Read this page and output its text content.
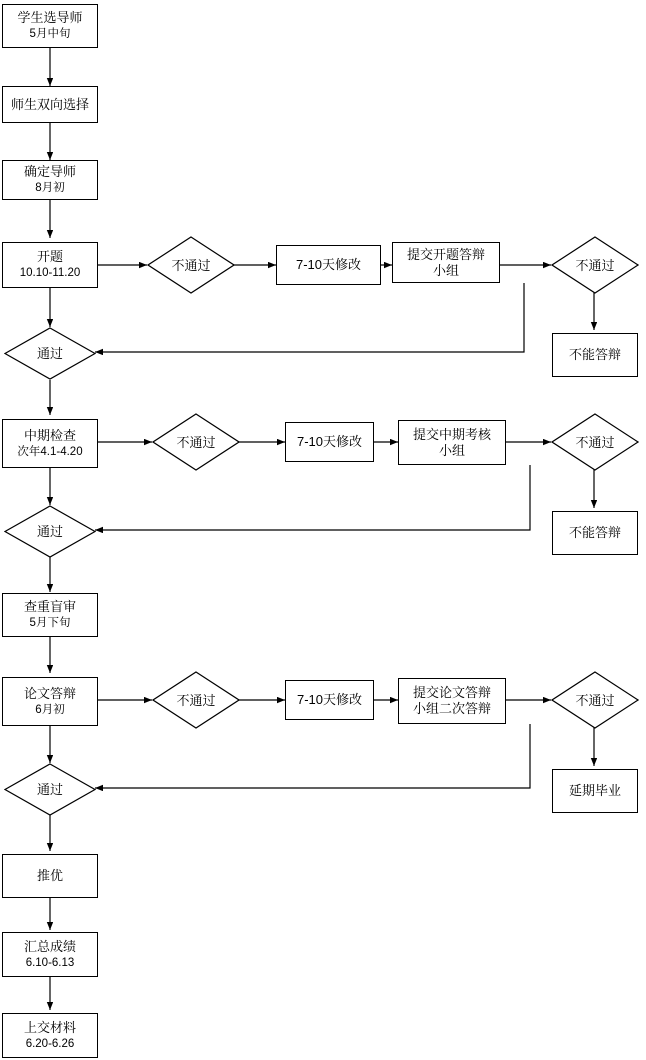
学生选导师
5月中旬
师生双向选择
确定导师
8月初
开题
10.10-11.20
不通过	7-10天修改
提交开题答辩
小组	不通过
不能答辩
通过
中期检查
次年4.1-4.20
不通过	7-10天修改	提交中期考核
小组
不通过
不能答辩
通过
查重盲审
5月下旬
论文答辩
6月初
不通过	7-10天修改	提交论文答辩
小组二次答辩
不通过
延期毕业
通过
推优
汇总成绩
6.10-6.13
上交材料
6.20-6.26
